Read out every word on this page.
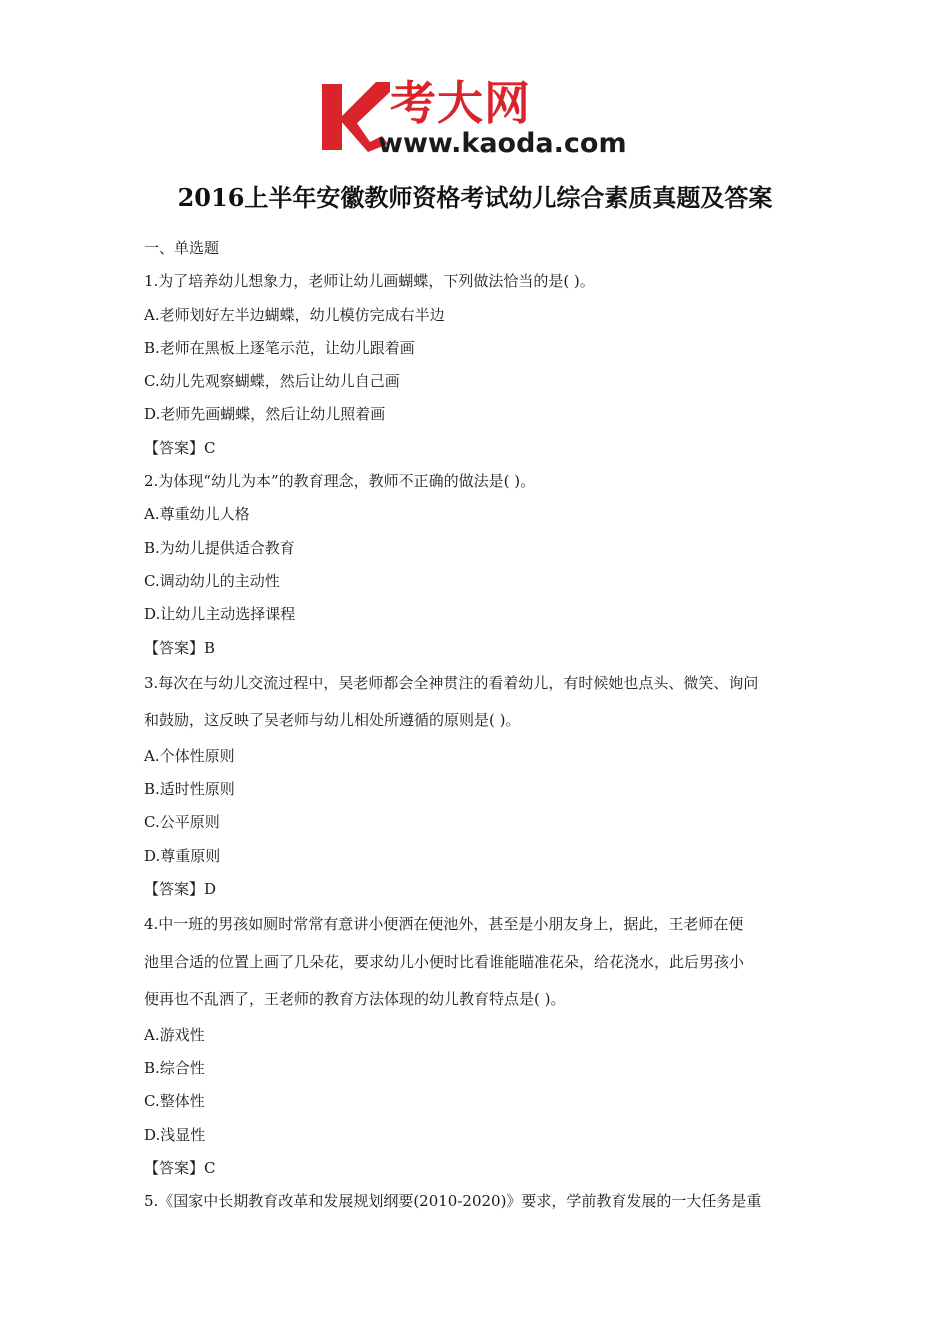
考大网
www.kaoda.com
2016上半年安徽教师资格考试幼儿综合素质真题及答案
一、单选题
1.为了培养幼儿想象力，老师让幼儿画蝴蝶，下列做法恰当的是( )。
A.老师划好左半边蝴蝶，幼儿模仿完成右半边
B.老师在黑板上逐笔示范，让幼儿跟着画
C.幼儿先观察蝴蝶，然后让幼儿自己画
D.老师先画蝴蝶，然后让幼儿照着画
【答案】C
2.为体现“幼儿为本”的教育理念，教师不正确的做法是( )。
A.尊重幼儿人格
B.为幼儿提供适合教育
C.调动幼儿的主动性
D.让幼儿主动选择课程
【答案】B
3.每次在与幼儿交流过程中，吴老师都会全神贯注的看着幼儿，有时候她也点头、微笑、询问
和鼓励，这反映了吴老师与幼儿相处所遵循的原则是( )。
A.个体性原则
B.适时性原则
C.公平原则
D.尊重原则
【答案】D
4.中一班的男孩如厕时常常有意讲小便洒在便池外，甚至是小朋友身上，据此，王老师在便
池里合适的位置上画了几朵花，要求幼儿小便时比看谁能瞄准花朵，给花浇水，此后男孩小
便再也不乱洒了，王老师的教育方法体现的幼儿教育特点是( )。
A.游戏性
B.综合性
C.整体性
D.浅显性
【答案】C
5.《国家中长期教育改革和发展规划纲要(2010-2020)》要求，学前教育发展的一大任务是重
